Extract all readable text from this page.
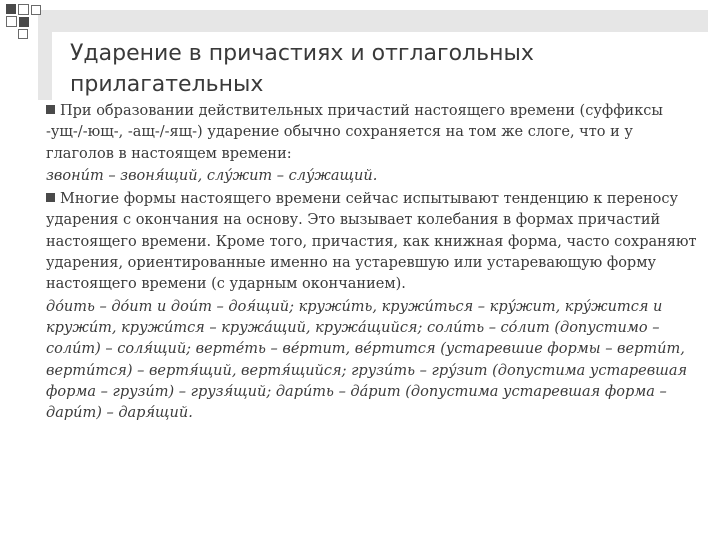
Ударение в причастиях и отглагольных прилагательных

При образовании действительных причастий настоящего времени (суффиксы -ущ-/-ющ-, -ащ-/-ящ-) ударение обычно сохраняется на том же слоге, что и у глаголов в настоящем времени:

звони́т – звоня́щий, слу́жит – слу́жащий.

Многие формы настоящего времени сейчас испытывают тенденцию к переносу ударения с окончания на основу. Это вызывает колебания в формах причастий настоящего времени. Кроме того, причастия, как книжная форма, часто сохраняют ударения, ориентированные именно на устаревшую или устаревающую форму настоящего времени (с ударным окончанием).

до́ить – до́ит и дои́т – доя́щий; кружи́ть, кружи́ться – кру́жит, кру́жится и кружи́т, кружи́тся – кружа́щий, кружа́щийся; соли́ть – со́лит (допустимо – соли́т) – соля́щий; верте́ть – ве́ртит, ве́ртится (устаревшие формы – верти́т, верти́тся) – вертя́щий, вертя́щийся; грузи́ть – гру́зит (допустима устаревшая форма – грузи́т) – грузя́щий; дари́ть – да́рит (допустима устаревшая форма – дари́т) – даря́щий.
